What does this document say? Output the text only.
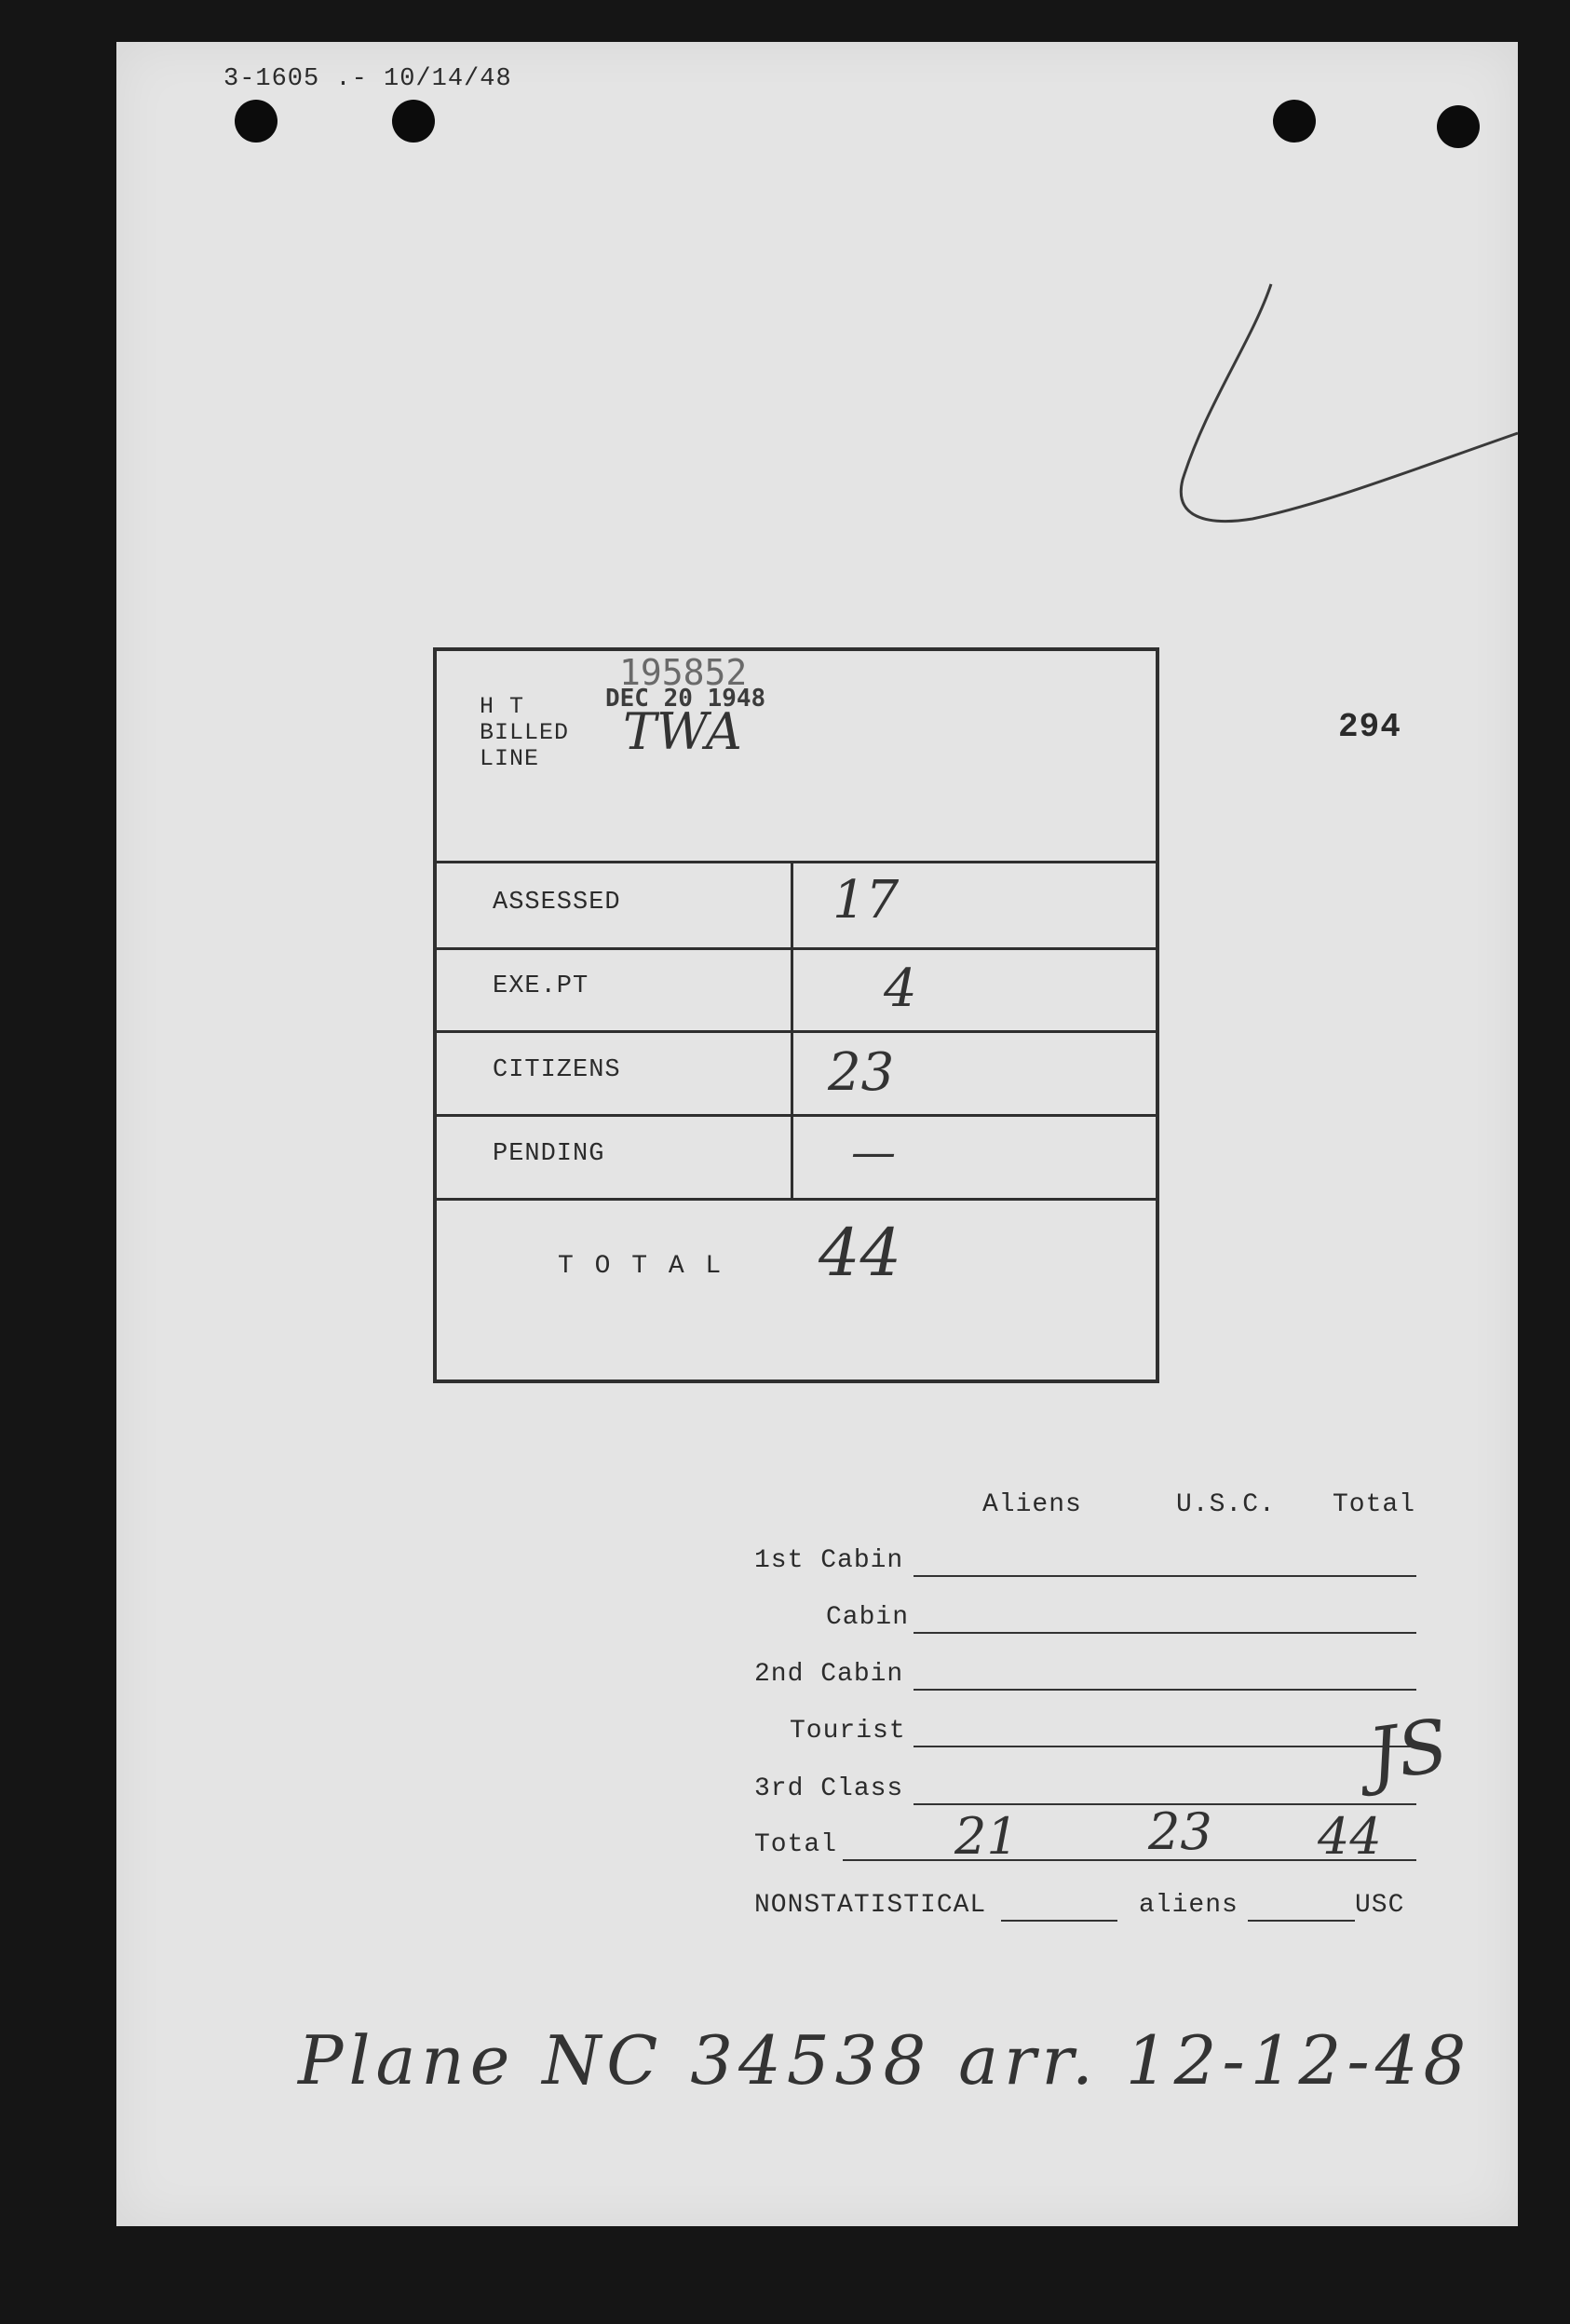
3-1605 .- 10/14/48
195852
DEC 20 1948
294
H T
BILLED
LINE TWA
ASSESSED	17
EXE.PT	4
CITIZENS	23
PENDING	—
T O T A L 44
Aliens	U.S.C. Total
1st Cabin
Cabin
2nd Cabin
Tourist
3rd Class
Total 21	23 44
JS
NONSTATISTICAL	aliens	USC
Plane NC 34538 arr. 12-12-48
